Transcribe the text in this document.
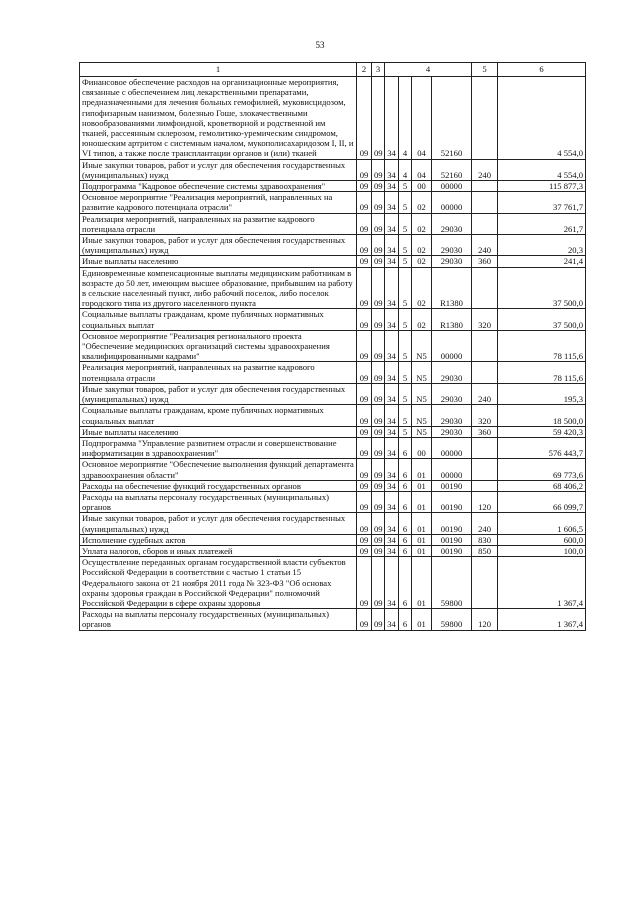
53
1	2	3	4				5	6
Финансовое обеспечение расходов на организационные мероприятия, связанные с обеспечением лиц лекарственными препаратами, предназначенными для лечения больных гемофилией, муковисцидозом, гипофизарным нанизмом, болезнью Гоше, злокачественными новообразованиями лимфоидной, кроветворной и родственной им тканей, рассеянным склерозом, гемолитико-уремическим синдромом, юношеским артритом с системным началом, мукополисахаридозом I, II, и VI типов, а также после трансплантации органов и (или) тканей	09	09	34	4	04	52160		4 554,0
Иные закупки товаров, работ и услуг для обеспечения государственных (муниципальных) нужд	09	09	34	4	04	52160	240	4 554,0
Подпрограмма "Кадровое обеспечение системы здравоохранения"	09	09	34	5	00	00000		115 877,3
Основное мероприятие "Реализация мероприятий, направленных на развитие кадрового потенциала отрасли"	09	09	34	5	02	00000		37 761,7
Реализация мероприятий, направленных на развитие кадрового потенциала отрасли	09	09	34	5	02	29030		261,7
Иные закупки товаров, работ и услуг для обеспечения государственных (муниципальных) нужд	09	09	34	5	02	29030	240	20,3
Иные выплаты населению	09	09	34	5	02	29030	360	241,4
Единовременные компенсационные выплаты медицинским работникам в возрасте до 50 лет, имеющим высшее образование, прибывшим на работу в сельские населенный пункт, либо рабочий поселок, либо поселок городского типа из другого населенного пункта	09	09	34	5	02	R1380		37 500,0
Социальные выплаты гражданам, кроме публичных нормативных социальных выплат	09	09	34	5	02	R1380	320	37 500,0
Основное мероприятие "Реализация регионального проекта "Обеспечение медицинских организаций системы здравоохранения квалифицированными кадрами"	09	09	34	5	N5	00000		78 115,6
Реализация мероприятий, направленных на развитие кадрового потенциала отрасли	09	09	34	5	N5	29030		78 115,6
Иные закупки товаров, работ и услуг для обеспечения государственных (муниципальных) нужд	09	09	34	5	N5	29030	240	195,3
Социальные выплаты гражданам, кроме публичных нормативных социальных выплат	09	09	34	5	N5	29030	320	18 500,0
Иные выплаты населению	09	09	34	5	N5	29030	360	59 420,3
Подпрограмма "Управление развитием отрасли и совершенствование информатизации в здравоохранении"	09	09	34	6	00	00000		576 443,7
Основное мероприятие "Обеспечение выполнения функций департамента здравоохранения области"	09	09	34	6	01	00000		69 773,6
Расходы на обеспечение функций государственных органов	09	09	34	6	01	00190		68 406,2
Расходы на выплаты персоналу государственных (муниципальных) органов	09	09	34	6	01	00190	120	66 099,7
Иные закупки товаров, работ и услуг для обеспечения государственных (муниципальных) нужд	09	09	34	6	01	00190	240	1 606,5
Исполнение судебных актов	09	09	34	6	01	00190	830	600,0
Уплата налогов, сборов и иных платежей	09	09	34	6	01	00190	850	100,0
Осуществление переданных органам государственной власти субъектов Российской Федерации в соответствии с частью 1 статьи 15 Федерального закона от 21 ноября 2011 года № 323-ФЗ "Об основах охраны здоровья граждан в Российской Федерации" полномочий Российской Федерации в сфере охраны здоровья	09	09	34	6	01	59800		1 367,4
Расходы на выплаты персоналу государственных (муниципальных) органов	09	09	34	6	01	59800	120	1 367,4
